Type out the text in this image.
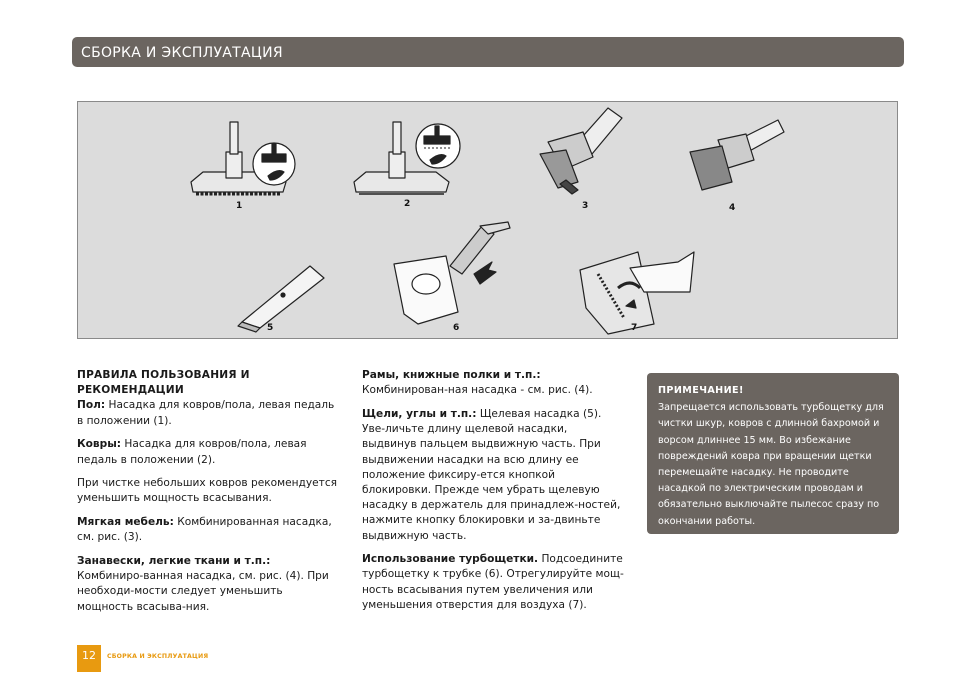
СБОРКА И ЭКСПЛУАТАЦИЯ
1	2	3	4
5	6	7
ПРАВИЛА ПОЛЬЗОВАНИЯ И РЕКОМЕНДАЦИИ

Пол: Насадка для ковров/пола, левая педаль в положении (1).

Ковры: Насадка для ковров/пола, левая педаль в положении (2).

При чистке небольших ковров рекомендуется уменьшить мощность всасывания.

Мягкая мебель: Комбинированная насадка, см. рис. (3).

Занавески, легкие ткани и т.п.: Комбиниро-ванная насадка, см. рис. (4). При необходи-мости следует уменьшить мощность всасыва-ния.

Рамы, книжные полки и т.п.: Комбинирован-ная насадка - см. рис. (4).

Щели, углы и т.п.: Щелевая насадка (5). Уве-личьте длину щелевой насадки, выдвинув пальцем выдвижную часть. При выдвижении насадки на всю длину ее положение фиксиру-ется кнопкой блокировки. Прежде чем убрать щелевую насадку в держатель для принадлеж-ностей, нажмите кнопку блокировки и за-двиньте выдвижную часть.

Использование турбощетки. Подсоедините турбощетку к трубке (6). Отрегулируйте мощ-ность всасывания путем увеличения или уменьшения отверстия для воздуха (7).

ПРИМЕЧАНИЕ!
Запрещается использовать турбощетку для чистки шкур, ковров с длинной бахромой и ворсом длиннее 15 мм. Во избежание повреждений ковра при вращении щетки перемещайте насадку. Не проводите насадкой по электрическим проводам и обязательно выключайте пылесос сразу по окончании работы.
12	СБОРКА И ЭКСПЛУАТАЦИЯ
